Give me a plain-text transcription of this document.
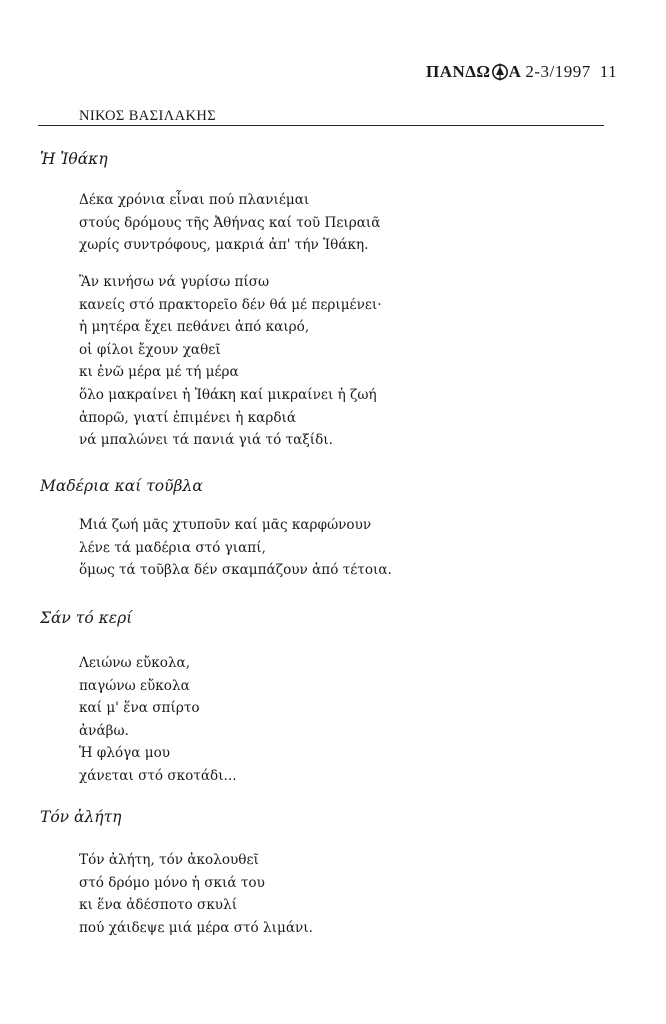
ΠΑΝΔΩ Α 2-3/1997 11
ΝΙΚΟΣ ΒΑΣΙΛΑΚΗΣ
Ἡ Ἰθάκη
Δέκα χρόνια εἶναι πού πλανιέμαι
στούς δρόμους τῆς Ἀθήνας καί τοῦ Πειραιᾶ
χωρίς συντρόφους, μακριά ἀπ' τήν Ἰθάκη.
Ἂν κινήσω νά γυρίσω πίσω
κανείς στό πρακτορεῖο δέν θά μέ περιμένει·
ἡ μητέρα ἔχει πεθάνει ἀπό καιρό,
οἱ φίλοι ἔχουν χαθεῖ
κι ἐνῶ μέρα μέ τή μέρα
ὅλο μακραίνει ἡ Ἰθάκη καί μικραίνει ἡ ζωή
ἀπορῶ, γιατί ἐπιμένει ἡ καρδιά
νά μπαλώνει τά πανιά γιά τό ταξίδι.
Μαδέρια καί τοῦβλα
Μιά ζωή μᾶς χτυποῦν καί μᾶς καρφώνουν
λένε τά μαδέρια στό γιαπί,
ὅμως τά τοῦβλα δέν σκαμπάζουν ἀπό τέτοια.
Σάν τό κερί
Λειώνω εὔκολα,
παγώνω εὔκολα
καί μ' ἕνα σπίρτο
ἀνάβω.
Ἡ φλόγα μου
χάνεται στό σκοτάδι...
Τόν ἀλήτη
Τόν ἀλήτη, τόν ἀκολουθεῖ
στό δρόμο μόνο ἡ σκιά του
κι ἕνα ἀδέσποτο σκυλί
πού χάιδεψε μιά μέρα στό λιμάνι.
